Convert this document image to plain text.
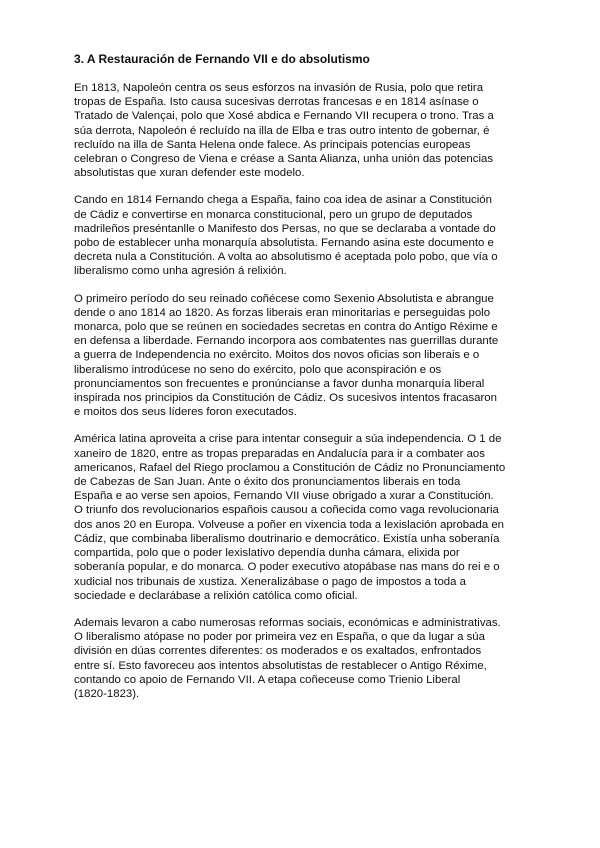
3. A Restauración de Fernando VII e do absolutismo
En 1813, Napoleón centra os seus esforzos na invasión de Rusia, polo que retira
tropas de España. Isto causa sucesivas derrotas francesas e en 1814 asínase o
Tratado de Valençai, polo que Xosé abdica e Fernando VII recupera o trono. Tras a
súa derrota, Napoleón é recluído na illa de Elba e tras outro intento de gobernar, é
recluído na illa de Santa Helena onde falece. As principais potencias europeas
celebran o Congreso de Viena e créase a Santa Alianza, unha unión das potencias
absolutistas que xuran defender este modelo.
Cando en 1814 Fernando chega a España, faino coa idea de asinar a Constitución
de Cádiz e convertirse en monarca constitucional, pero un grupo de deputados
madrileños preséntanlle o Manifesto dos Persas, no que se declaraba a vontade do
pobo de establecer unha monarquía absolutista. Fernando asina este documento e
decreta nula a Constitución. A volta ao absolutismo é aceptada polo pobo, que vía o
liberalismo como unha agresión á relixión.
O primeiro período do seu reinado coñécese como Sexenio Absolutista e abrangue
dende o ano 1814 ao 1820. As forzas liberais eran minoritarias e perseguidas polo
monarca, polo que se reúnen en sociedades secretas en contra do Antigo Réxime e
en defensa a liberdade. Fernando incorpora aos combatentes nas guerrillas durante
a guerra de Independencia no exército. Moitos dos novos oficias son liberais e o
liberalismo introdúcese no seno do exército, polo que aconspiración e os
pronunciamentos son frecuentes e pronúncianse a favor dunha monarquía liberal
inspirada nos principios da Constitución de Cádiz. Os sucesivos intentos fracasaron
e moitos dos seus líderes foron executados.
América latina aproveita a crise para intentar conseguir a súa independencia. O 1 de
xaneiro de 1820, entre as tropas preparadas en Andalucía para ir a combater aos
americanos, Rafael del Riego proclamou a Constitución de Cádiz no Pronunciamento
de Cabezas de San Juan. Ante o éxito dos pronunciamentos liberais en toda
España e ao verse sen apoios, Fernando VII viuse obrigado a xurar a Constitución.
O triunfo dos revolucionarios españois causou a coñecida como vaga revolucionaria
dos anos 20 en Europa. Volveuse a poñer en vixencia toda a lexislación aprobada en
Cádiz, que combinaba liberalismo doutrinario e democrático. Existía unha soberanía
compartida, polo que o poder lexislativo dependía dunha cámara, elixida por
soberanía popular, e do monarca. O poder executivo atopábase nas mans do rei e o
xudicial nos tribunais de xustiza. Xeneralizábase o pago de impostos a toda a
sociedade e declarábase a relixión católica como oficial.
Ademais levaron a cabo numerosas reformas sociais, económicas e administrativas.
O liberalismo atópase no poder por primeira vez en España, o que da lugar a súa
división en dúas correntes diferentes: os moderados e os exaltados, enfrontados
entre sí. Esto favoreceu aos intentos absolutistas de restablecer o Antigo Réxime,
contando co apoio de Fernando VII. A etapa coñeceuse como Trienio Liberal
(1820-1823).
